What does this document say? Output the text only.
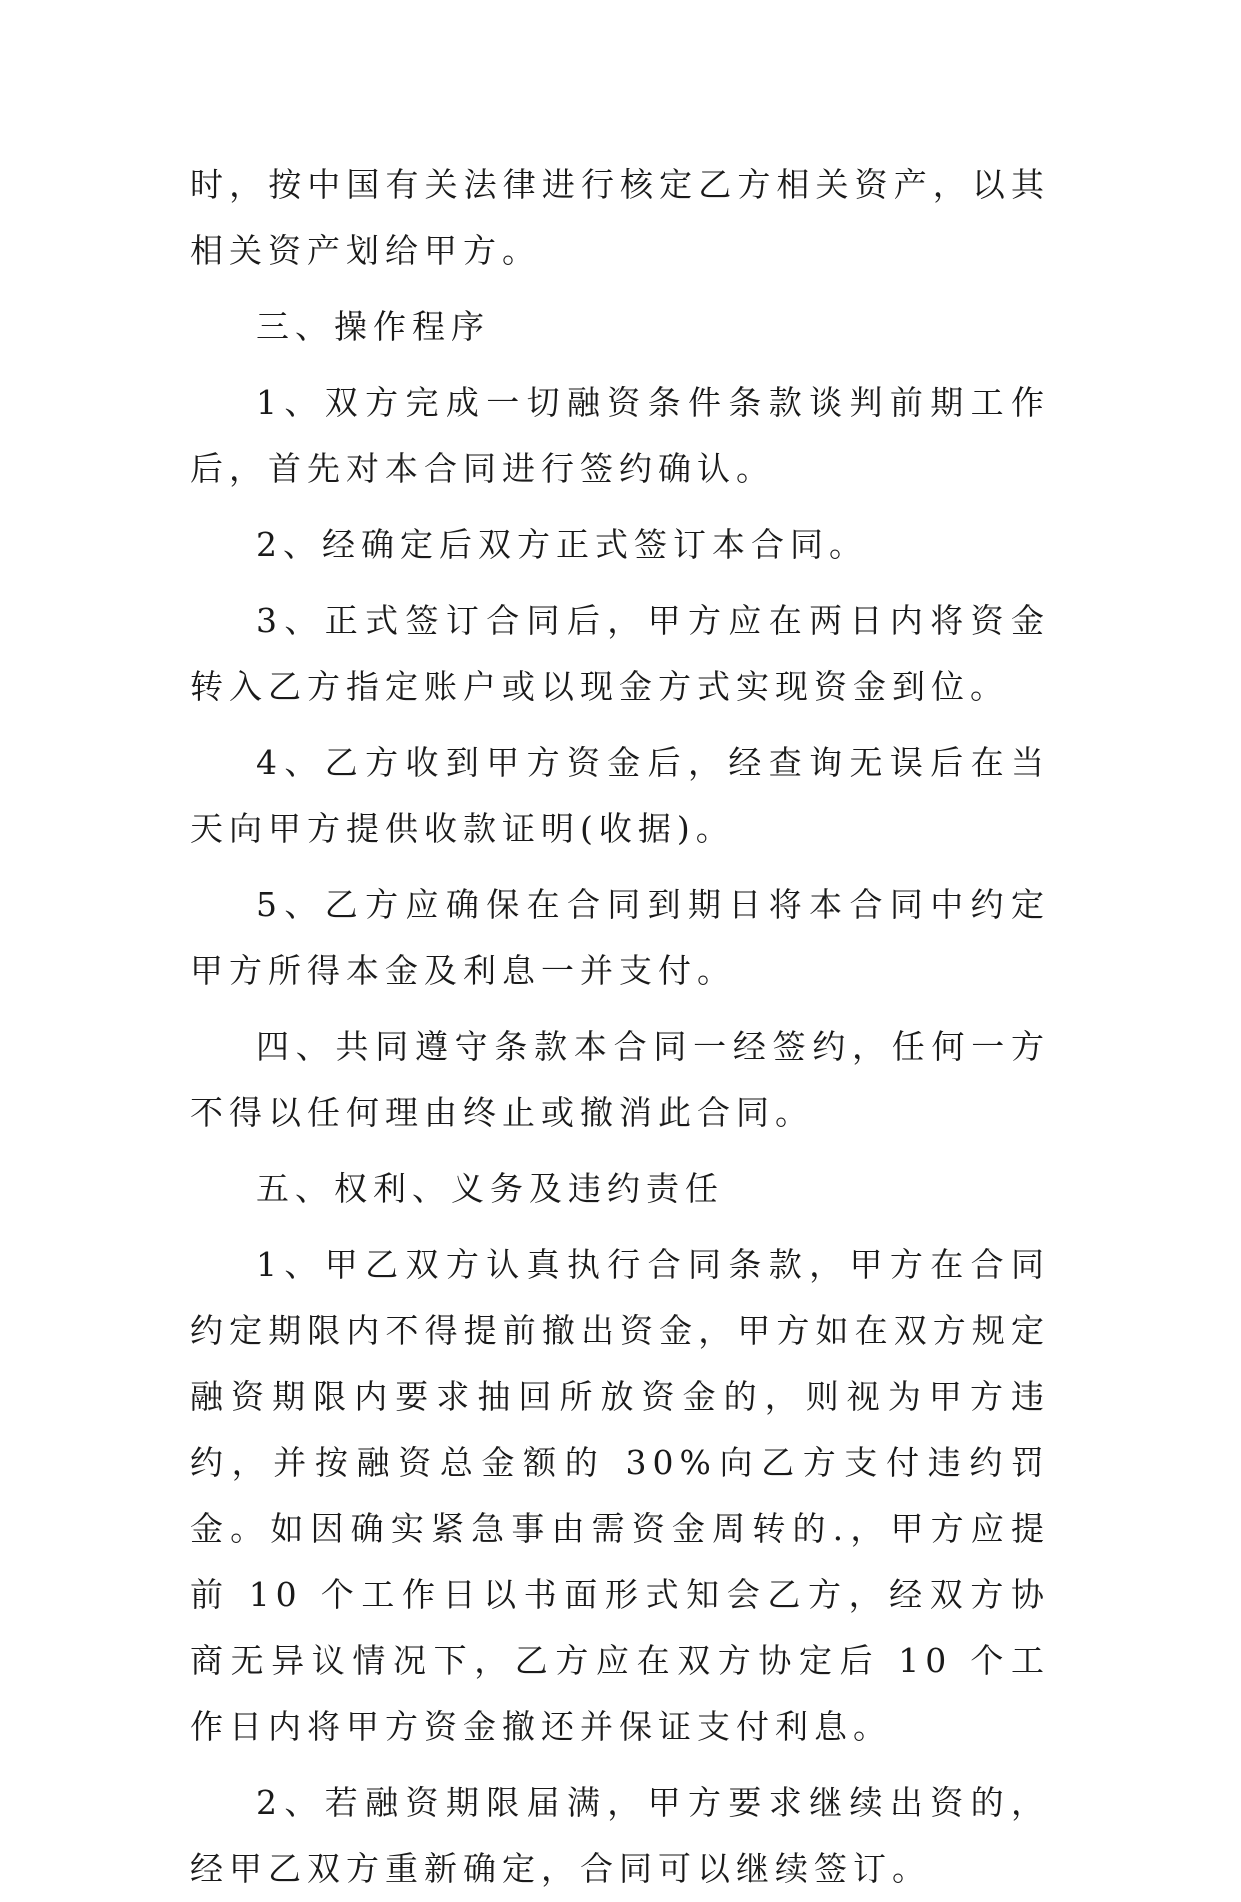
时，按中国有关法律进行核定乙方相关资产，以其相关资产划给甲方。

三、操作程序

1、双方完成一切融资条件条款谈判前期工作后，首先对本合同进行签约确认。

2、经确定后双方正式签订本合同。

3、正式签订合同后，甲方应在两日内将资金转入乙方指定账户或以现金方式实现资金到位。

4、乙方收到甲方资金后，经查询无误后在当天向甲方提供收款证明(收据)。

5、乙方应确保在合同到期日将本合同中约定甲方所得本金及利息一并支付。

四、共同遵守条款本合同一经签约，任何一方不得以任何理由终止或撤消此合同。

五、权利、义务及违约责任

1、甲乙双方认真执行合同条款，甲方在合同约定期限内不得提前撤出资金，甲方如在双方规定融资期限内要求抽回所放资金的，则视为甲方违约，并按融资总金额的 30%向乙方支付违约罚金。如因确实紧急事由需资金周转的.，甲方应提前 10 个工作日以书面形式知会乙方，经双方协商无异议情况下，乙方应在双方协定后 10 个工作日内将甲方资金撤还并保证支付利息。

2、若融资期限届满，甲方要求继续出资的，经甲乙双方重新确定，合同可以继续签订。
